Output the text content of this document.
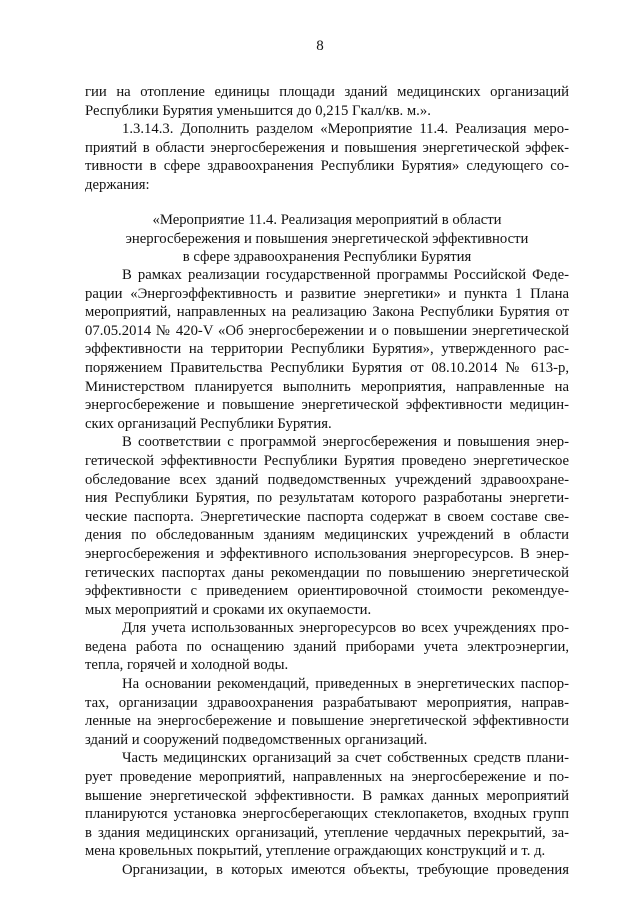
8
гии на отопление единицы площади зданий медицинских организаций
Республики Бурятия уменьшится до 0,215 Гкал/кв. м.».
1.3.14.3. Дополнить разделом «Мероприятие 11.4. Реализация меро-
приятий в области энергосбережения и повышения энергетической эффек-
тивности в сфере здравоохранения Республики Бурятия» следующего со-
держания:
«Мероприятие 11.4. Реализация мероприятий в области
энергосбережения и повышения энергетической эффективности
в сфере здравоохранения Республики Бурятия
В рамках реализации государственной программы Российской Феде-
рации «Энергоэффективность и развитие энергетики» и пункта 1 Плана
мероприятий, направленных на реализацию Закона Республики Бурятия от
07.05.2014 № 420-V «Об энергосбережении и о повышении энергетической
эффективности на территории Республики Бурятия», утвержденного рас-
поряжением Правительства Республики Бурятия от 08.10.2014 № 613-р,
Министерством планируется выполнить мероприятия, направленные на
энергосбережение и повышение энергетической эффективности медицин-
ских организаций Республики Бурятия.
В соответствии с программой энергосбережения и повышения энер-
гетической эффективности Республики Бурятия проведено энергетическое
обследование всех зданий подведомственных учреждений здравоохране-
ния Республики Бурятия, по результатам которого разработаны энергети-
ческие паспорта. Энергетические паспорта содержат в своем составе све-
дения по обследованным зданиям медицинских учреждений в области
энергосбережения и эффективного использования энергоресурсов. В энер-
гетических паспортах даны рекомендации по повышению энергетической
эффективности с приведением ориентировочной стоимости рекомендуе-
мых мероприятий и сроками их окупаемости.
Для учета использованных энергоресурсов во всех учреждениях про-
ведена работа по оснащению зданий приборами учета электроэнергии,
тепла, горячей и холодной воды.
На основании рекомендаций, приведенных в энергетических паспор-
тах, организации здравоохранения разрабатывают мероприятия, направ-
ленные на энергосбережение и повышение энергетической эффективности
зданий и сооружений подведомственных организаций.
Часть медицинских организаций за счет собственных средств плани-
рует проведение мероприятий, направленных на энергосбережение и по-
вышение энергетической эффективности. В рамках данных мероприятий
планируются установка энергосберегающих стеклопакетов, входных групп
в здания медицинских организаций, утепление чердачных перекрытий, за-
мена кровельных покрытий, утепление ограждающих конструкций и т. д.
Организации, в которых имеются объекты, требующие проведения
